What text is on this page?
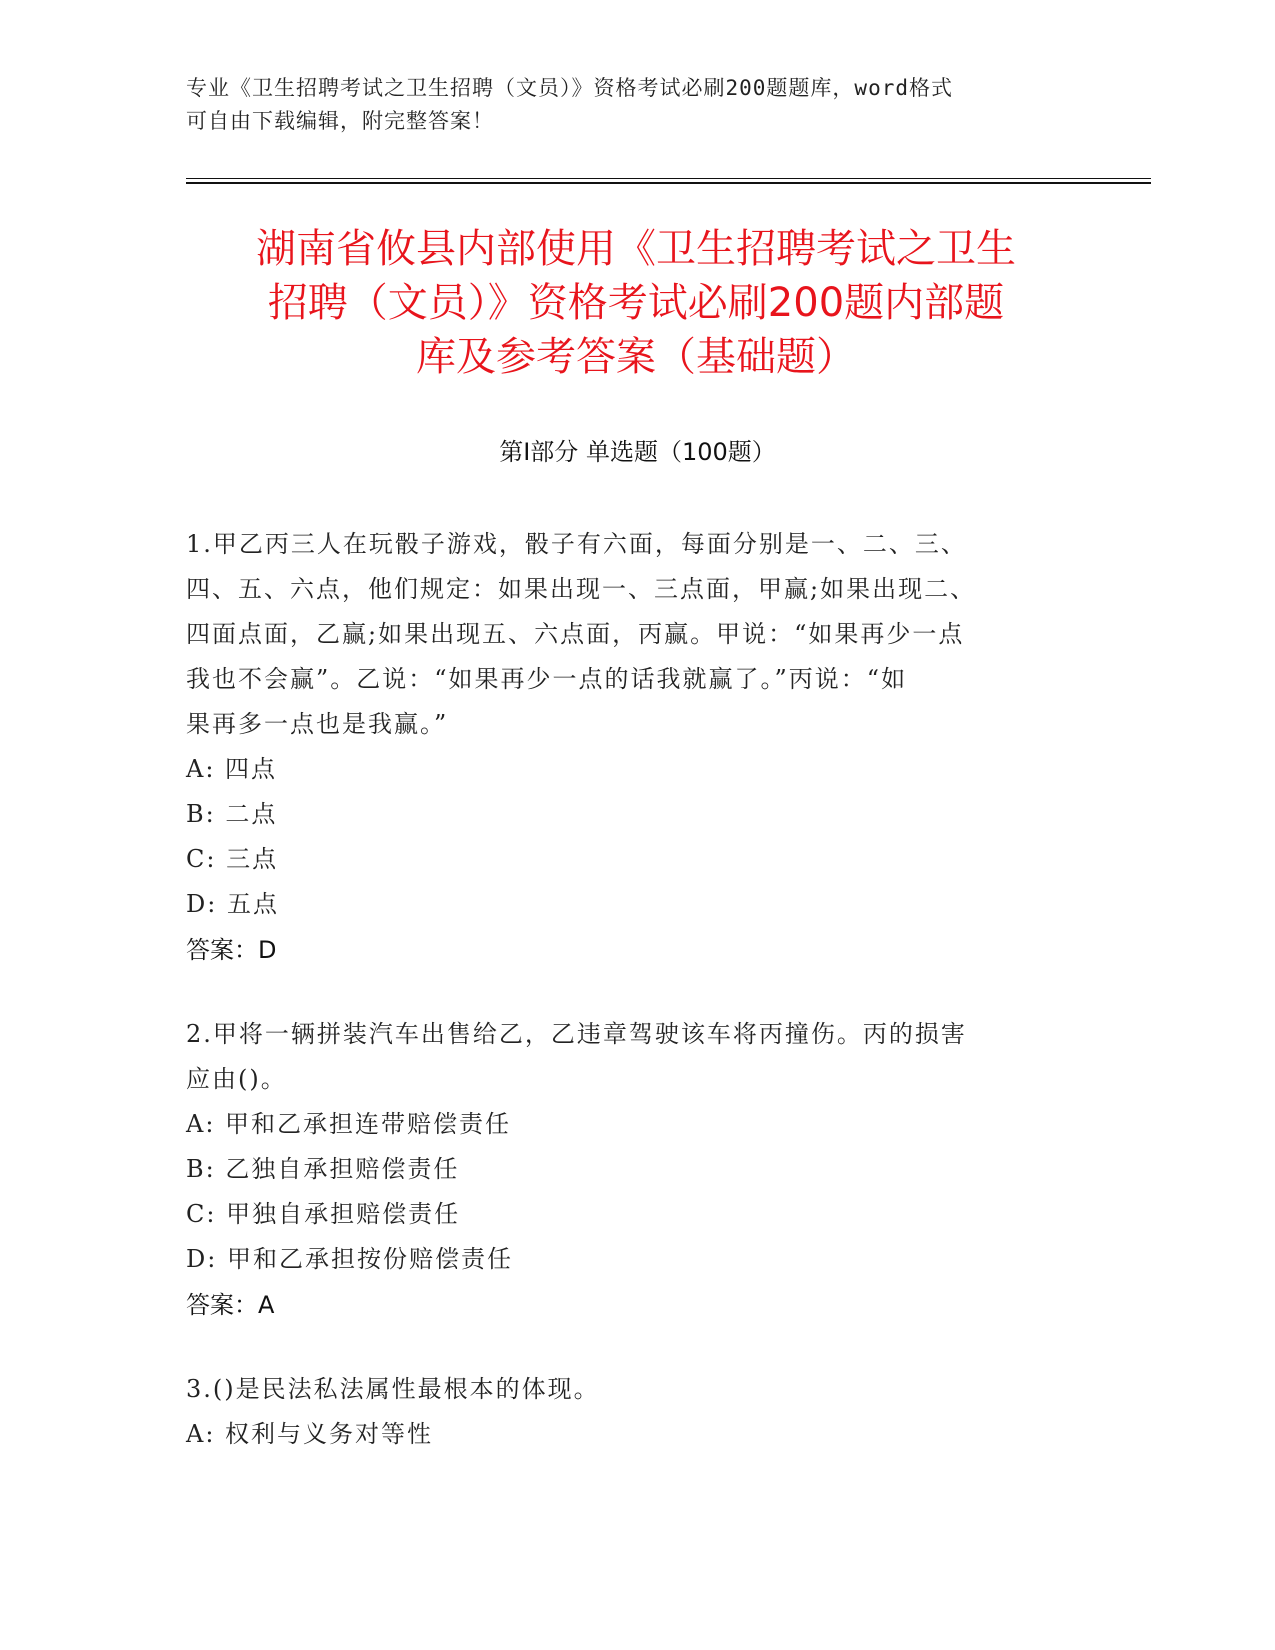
专业《卫生招聘考试之卫生招聘（文员）》资格考试必刷200题题库，word格式
可自由下载编辑，附完整答案！
湖南省攸县内部使用《卫生招聘考试之卫生
招聘（文员）》资格考试必刷200题内部题
库及参考答案（基础题）
第Ⅰ部分 单选题（100题）
1.甲乙丙三人在玩骰子游戏，骰子有六面，每面分别是一、二、三、
四、五、六点，他们规定：如果出现一、三点面，甲赢;如果出现二、
四面点面，乙赢;如果出现五、六点面，丙赢。甲说：“如果再少一点
我也不会赢”。乙说：“如果再少一点的话我就赢了。”丙说：“如
果再多一点也是我赢。”
A: 四点
B: 二点
C: 三点
D: 五点
答案：D
2.甲将一辆拼装汽车出售给乙，乙违章驾驶该车将丙撞伤。丙的损害
应由()。
A: 甲和乙承担连带赔偿责任
B: 乙独自承担赔偿责任
C: 甲独自承担赔偿责任
D: 甲和乙承担按份赔偿责任
答案：A
3.()是民法私法属性最根本的体现。
A: 权利与义务对等性
